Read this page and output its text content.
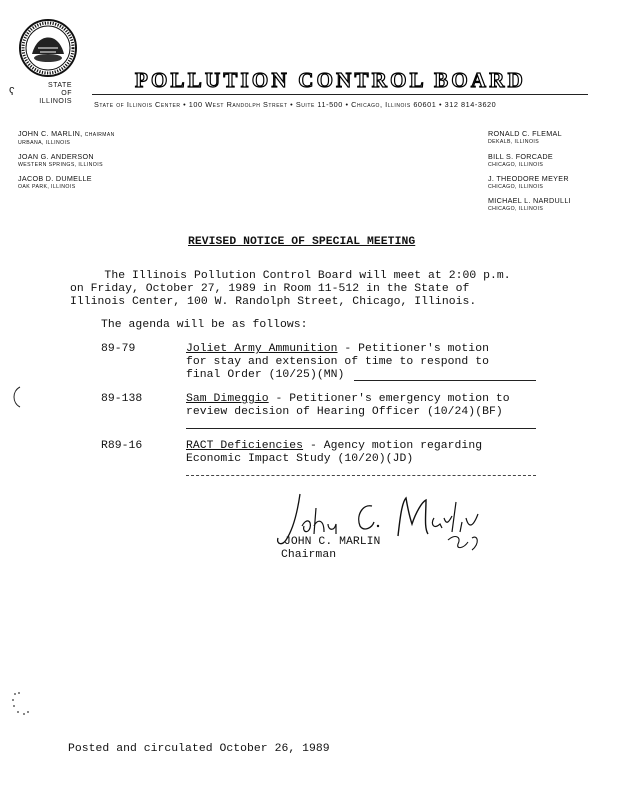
STATE
OF
ILLINOIS
ʕ	POLLUTION CONTROL BOARD
State of Illinois Center • 100 West Randolph Street • Suite 11-500 • Chicago, Illinois 60601 • 312 814-3620
JOHN C. MARLIN, CHAIRMAN
URBANA, ILLINOIS
JOAN G. ANDERSON
WESTERN SPRINGS, ILLINOIS
JACOB D. DUMELLE
OAK PARK, ILLINOIS
RONALD C. FLEMAL
DEKALB, ILLINOIS
BILL S. FORCADE
CHICAGO, ILLINOIS
J. THEODORE MEYER
CHICAGO, ILLINOIS
MICHAEL L. NARDULLI
CHICAGO, ILLINOIS
REVISED NOTICE OF SPECIAL MEETING
The Illinois Pollution Control Board will meet at 2:00 p.m.
on Friday, October 27, 1989 in Room 11-512 in the State of
Illinois Center, 100 W. Randolph Street, Chicago, Illinois.
The agenda will be as follows:
89-79	Joliet Army Ammunition - Petitioner's motion
for stay and extension of time to respond to
final Order (10/25)(MN)
89-138	Sam Dimeggio - Petitioner's emergency motion to
review decision of Hearing Officer (10/24)(BF)
R89-16	RACT Deficiencies - Agency motion regarding
Economic Impact Study (10/20)(JD)
JOHN C. MARLIN
Chairman
Posted and circulated October 26, 1989
